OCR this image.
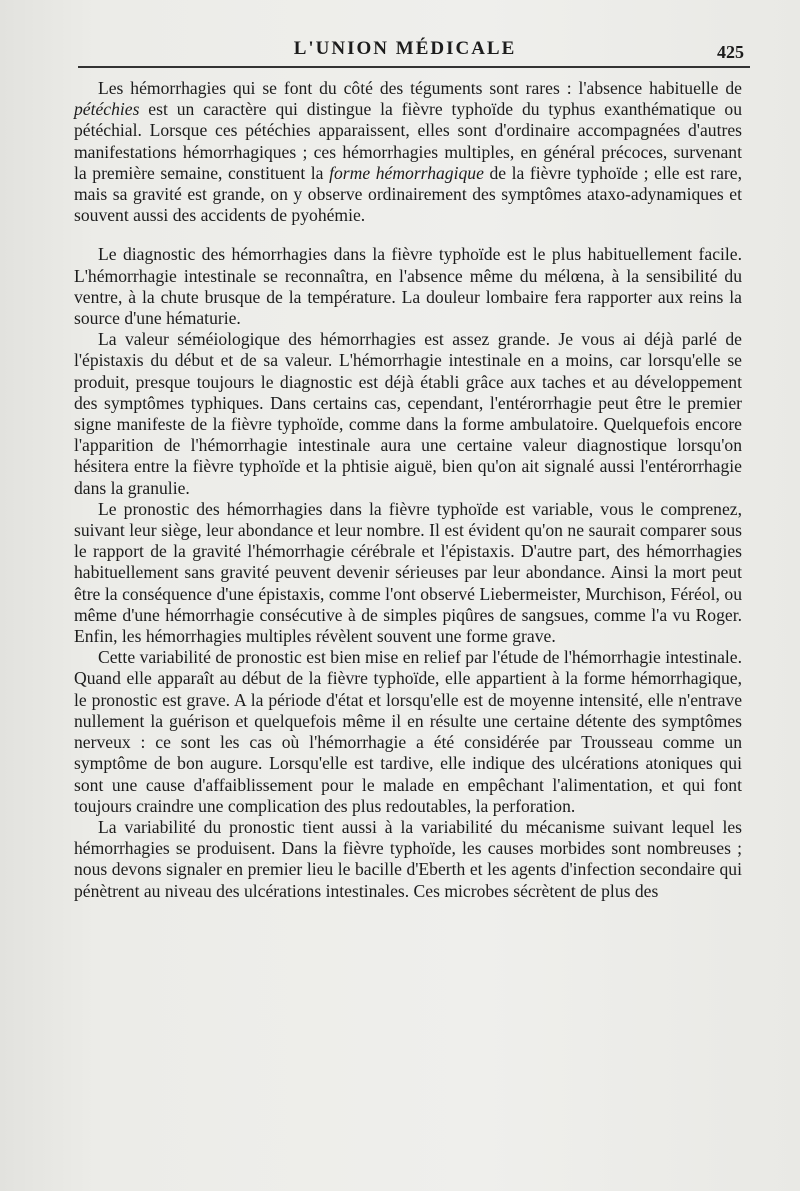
L'UNION MÉDICALE	425

Les hémorrhagies qui se font du côté des téguments sont rares : l'absence habituelle de pétéchies est un caractère qui distingue la fièvre typhoïde du typhus exanthématique ou pétéchial. Lorsque ces pétéchies apparaissent, elles sont d'ordinaire accompagnées d'autres manifestations hémorrhagiques ; ces hémorrhagies multiples, en général précoces, survenant la première semaine, constituent la forme hémorrhagique de la fièvre typhoïde ; elle est rare, mais sa gravité est grande, on y observe ordinairement des symptômes ataxo-adynamiques et souvent aussi des accidents de pyohémie.

Le diagnostic des hémorrhagies dans la fièvre typhoïde est le plus habituellement facile. L'hémorrhagie intestinale se reconnaîtra, en l'absence même du mélœna, à la sensibilité du ventre, à la chute brusque de la température. La douleur lombaire fera rapporter aux reins la source d'une hématurie.

La valeur séméiologique des hémorrhagies est assez grande. Je vous ai déjà parlé de l'épistaxis du début et de sa valeur. L'hémorrhagie intestinale en a moins, car lorsqu'elle se produit, presque toujours le diagnostic est déjà établi grâce aux taches et au développement des symptômes typhiques. Dans certains cas, cependant, l'entérorrhagie peut être le premier signe manifeste de la fièvre typhoïde, comme dans la forme ambulatoire. Quelquefois encore l'apparition de l'hémorrhagie intestinale aura une certaine valeur diagnostique lorsqu'on hésitera entre la fièvre typhoïde et la phtisie aiguë, bien qu'on ait signalé aussi l'entérorrhagie dans la granulie.

Le pronostic des hémorrhagies dans la fièvre typhoïde est variable, vous le comprenez, suivant leur siège, leur abondance et leur nombre. Il est évident qu'on ne saurait comparer sous le rapport de la gravité l'hémorrhagie cérébrale et l'épistaxis. D'autre part, des hémorrhagies habituellement sans gravité peuvent devenir sérieuses par leur abondance. Ainsi la mort peut être la conséquence d'une épistaxis, comme l'ont observé Liebermeister, Murchison, Féréol, ou même d'une hémorrhagie consécutive à de simples piqûres de sangsues, comme l'a vu Roger. Enfin, les hémorrhagies multiples révèlent souvent une forme grave.

Cette variabilité de pronostic est bien mise en relief par l'étude de l'hémorrhagie intestinale. Quand elle apparaît au début de la fièvre typhoïde, elle appartient à la forme hémorrhagique, le pronostic est grave. A la période d'état et lorsqu'elle est de moyenne intensité, elle n'entrave nullement la guérison et quelquefois même il en résulte une certaine détente des symptômes nerveux : ce sont les cas où l'hémorrhagie a été considérée par Trousseau comme un symptôme de bon augure. Lorsqu'elle est tardive, elle indique des ulcérations atoniques qui sont une cause d'affaiblissement pour le malade en empêchant l'alimentation, et qui font toujours craindre une complication des plus redoutables, la perforation.

La variabilité du pronostic tient aussi à la variabilité du mécanisme suivant lequel les hémorrhagies se produisent. Dans la fièvre typhoïde, les causes morbides sont nombreuses ; nous devons signaler en premier lieu le bacille d'Eberth et les agents d'infection secondaire qui pénètrent au niveau des ulcérations intestinales. Ces microbes sécrètent de plus des
